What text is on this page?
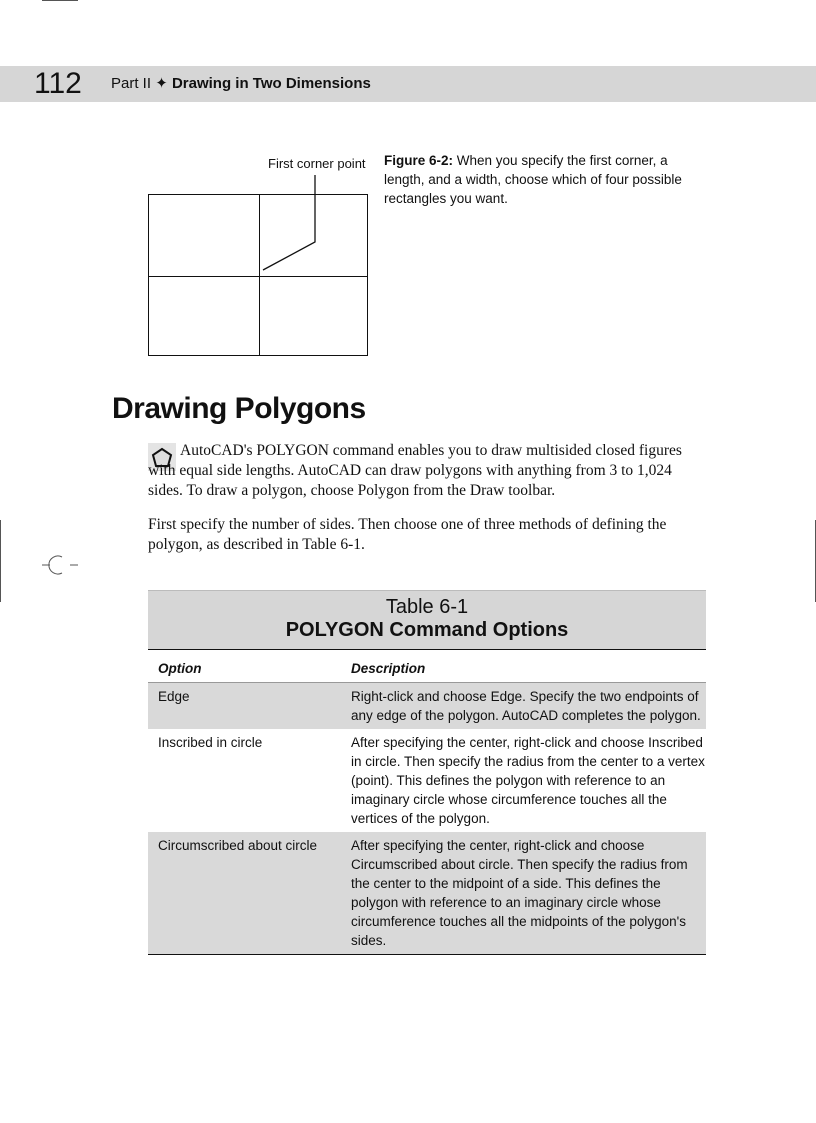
112 Part II ✦ Drawing in Two Dimensions
First corner point Figure 6-2: When you specify the first corner, a length, and a width, choose which of four possible rectangles you want.
Drawing Polygons
AutoCAD's POLYGON command enables you to draw multisided closed figures with equal side lengths. AutoCAD can draw polygons with anything from 3 to 1,024 sides. To draw a polygon, choose Polygon from the Draw toolbar.
First specify the number of sides. Then choose one of three methods of defining the polygon, as described in Table 6-1.
Table 6-1
POLYGON Command Options
Option	Description
Edge	Right-click and choose Edge. Specify the two endpoints of any edge of the polygon. AutoCAD completes the polygon.
Inscribed in circle	After specifying the center, right-click and choose Inscribed in circle. Then specify the radius from the center to a vertex (point). This defines the polygon with reference to an imaginary circle whose circumference touches all the vertices of the polygon.
Circumscribed about circle	After specifying the center, right-click and choose Circumscribed about circle. Then specify the radius from the center to the midpoint of a side. This defines the polygon with reference to an imaginary circle whose circumference touches all the midpoints of the polygon's sides.
